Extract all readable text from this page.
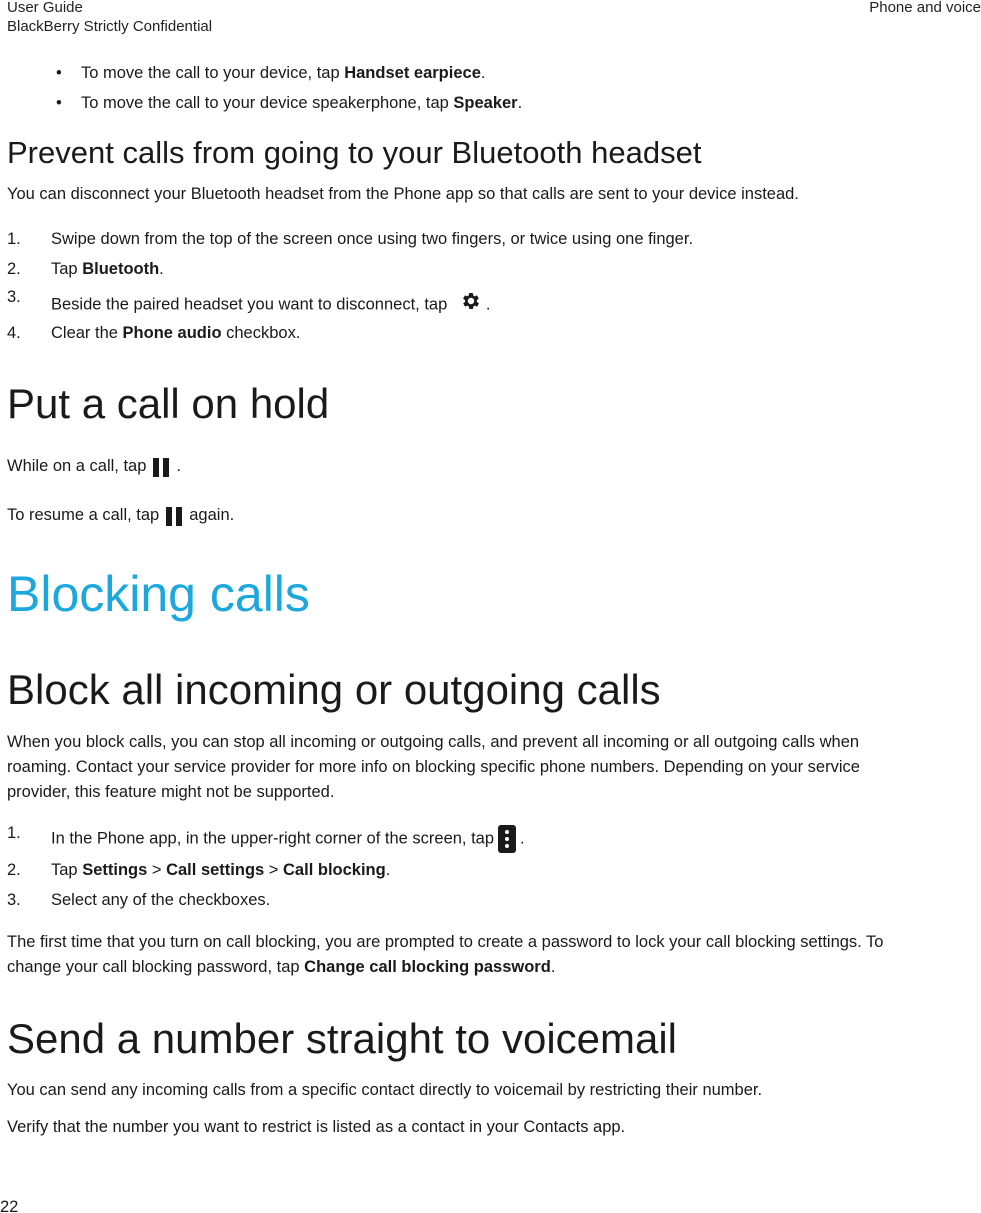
User Guide
BlackBerry Strictly Confidential
Phone and voice
• To move the call to your device, tap Handset earpiece.
• To move the call to your device speakerphone, tap Speaker.
Prevent calls from going to your Bluetooth headset
You can disconnect your Bluetooth headset from the Phone app so that calls are sent to your device instead.
1. Swipe down from the top of the screen once using two fingers, or twice using one finger.
2. Tap Bluetooth.
3. Beside the paired headset you want to disconnect, tap .
4. Clear the Phone audio checkbox.
Put a call on hold
While on a call, tap .
To resume a call, tap again.
Blocking calls
Block all incoming or outgoing calls
When you block calls, you can stop all incoming or outgoing calls, and prevent all incoming or all outgoing calls when
roaming. Contact your service provider for more info on blocking specific phone numbers. Depending on your service
provider, this feature might not be supported.
1. In the Phone app, in the upper-right corner of the screen, tap .
2. Tap Settings > Call settings > Call blocking.
3. Select any of the checkboxes.
The first time that you turn on call blocking, you are prompted to create a password to lock your call blocking settings. To
change your call blocking password, tap Change call blocking password.
Send a number straight to voicemail
You can send any incoming calls from a specific contact directly to voicemail by restricting their number.
Verify that the number you want to restrict is listed as a contact in your Contacts app.
22
